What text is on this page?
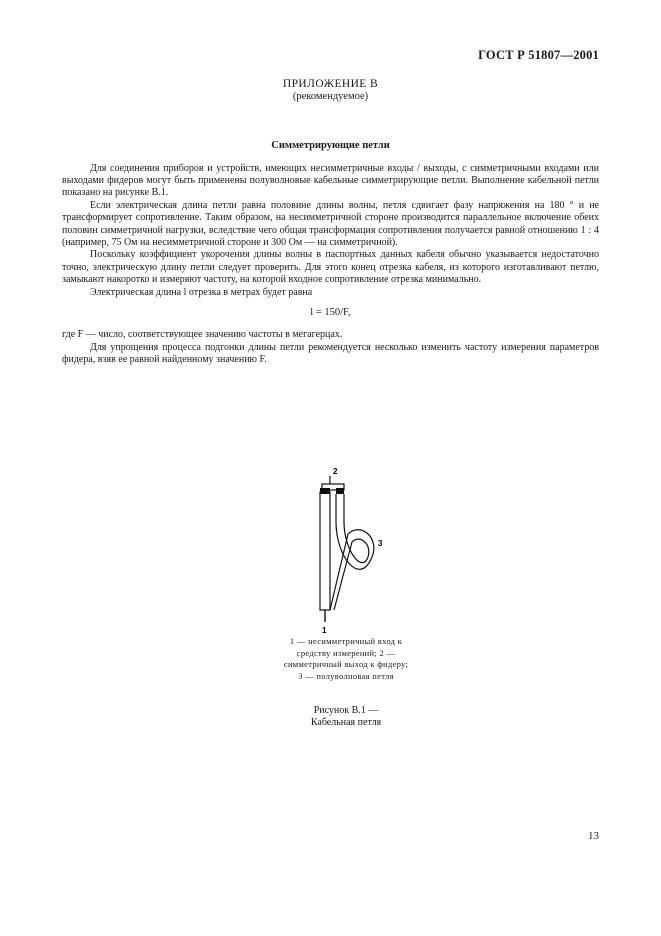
ГОСТ Р 51807—2001
ПРИЛОЖЕНИЕ В
(рекомендуемое)
Симметрирующие петли

Для соединения приборов и устройств, имеющих несимметричные входы / выходы, с симметричными входами или выходами фидеров могут быть применены полуволновые кабельные симметрирующие петли. Выполнение кабельной петли показано на рисунке В.1.

Если электрическая длина петли равна половине длины волны, петля сдвигает фазу напряжения на 180 ° и не трансформирует сопротивление. Таким образом, на несимметричной стороне производится параллельное включение обеих половин симметричной нагрузки, вследствие чего общая трансформация сопротивления получается равной отношению 1 : 4 (например, 75 Ом на несимметричной стороне и 300 Ом — на симметричной).

Поскольку коэффициент укорочения длины волны в паспортных данных кабеля обычно указывается недостаточно точно, электрическую длину петли следует проверить. Для этого конец отрезка кабеля, из которого изготавливают петлю, замыкают накоротко и измеряют частоту, на которой входное сопротивление отрезка минимально.

Электрическая длина l отрезка в метрах будет равна

l = 150/F,

где F — число, соответствующее значению частоты в мегагерцах.

Для упрощения процесса подгонки длины петли рекомендуется несколько изменить частоту измерения параметров фидера, взяв ее равной найденному значению F.

2
3
1
1 — несимметричный вход к средству измерений; 2 — симметричный выход к фидеру; 3 — полуволновая петля
Рисунок В.1 —
Кабельная петля
13
